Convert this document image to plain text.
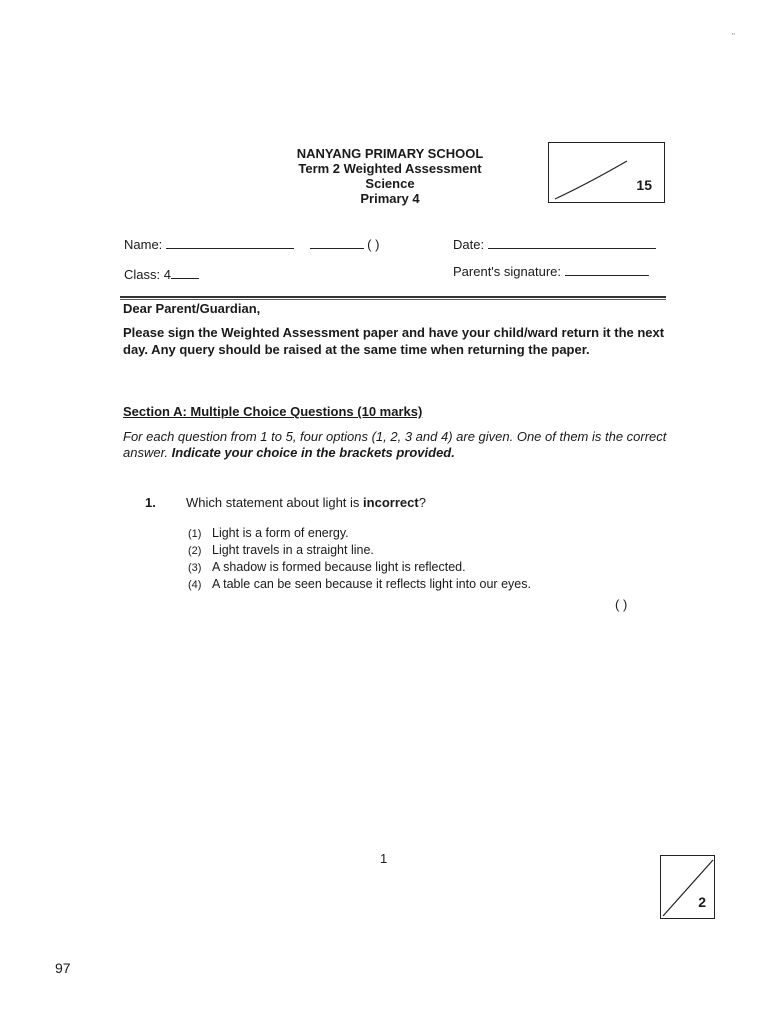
"
NANYANG PRIMARY SCHOOL
Term 2 Weighted Assessment
Science
Primary 4
15
Name:	( )	Date:
Class: 4	Parent's signature:
Dear Parent/Guardian,
Please sign the Weighted Assessment paper and have your child/ward return it the next day. Any query should be raised at the same time when returning the paper.
Section A: Multiple Choice Questions (10 marks)
For each question from 1 to 5, four options (1, 2, 3 and 4) are given. One of them is the correct answer. Indicate your choice in the brackets provided.
1. Which statement about light is incorrect?
(1) Light is a form of energy.
(2) Light travels in a straight line.
(3) A shadow is formed because light is reflected.
(4) A table can be seen because it reflects light into our eyes.
( )
1
2
97
